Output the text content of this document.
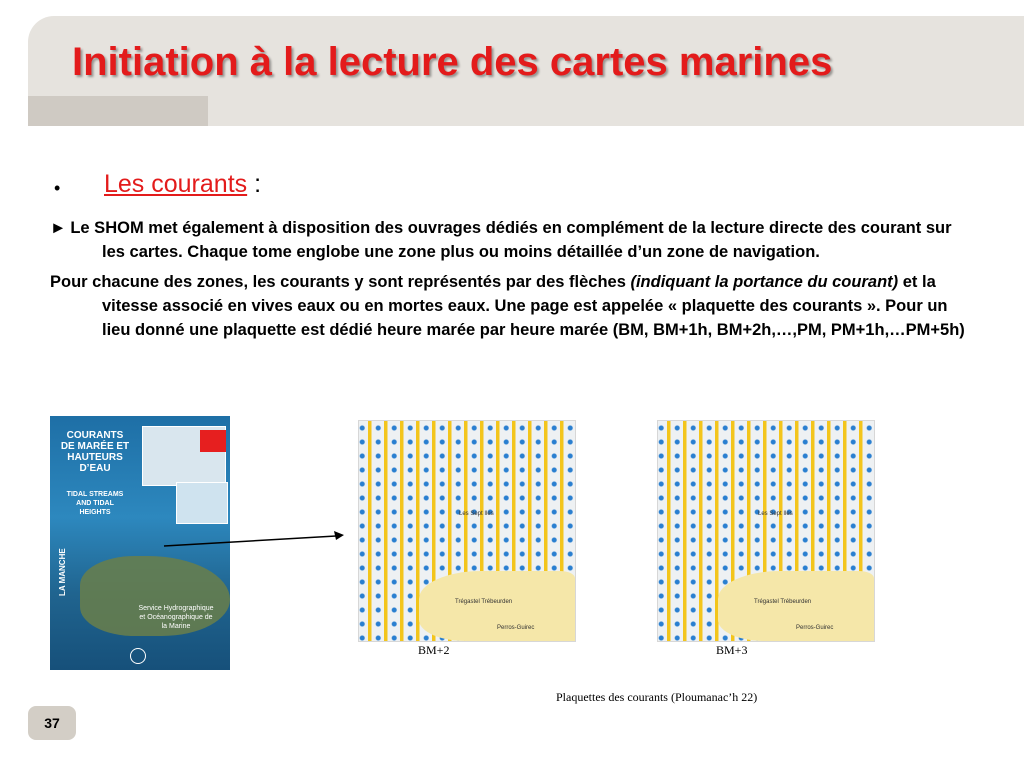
Initiation à la lecture des cartes marines
• Les courants :

► Le SHOM met également à disposition des ouvrages dédiés en complément de la lecture directe des courant sur les cartes. Chaque tome englobe une zone plus ou moins détaillée d’un zone de navigation.

Pour chacune des zones, les courants y sont représentés par des flèches (indiquant la portance du courant) et la vitesse associé en vives eaux ou en mortes eaux. Une page est appelée « plaquette des courants ». Pour un lieu donné une plaquette est dédié heure marée par heure marée (BM, BM+1h, BM+2h,…,PM, PM+1h,…PM+5h)

COURANTS DE MARÉE ET HAUTEURS D’EAU
TIDAL STREAMS AND TIDAL HEIGHTS
LA MANCHE
Service Hydrographique et Océanographique de la Marine
Les Sept Iles
Trégastel Trébeurden
Perros-Guirec
Les Sept Iles
Trégastel Trébeurden
Perros-Guirec
BM+2	BM+3
Plaquettes des courants (Ploumanac’h 22)
37
